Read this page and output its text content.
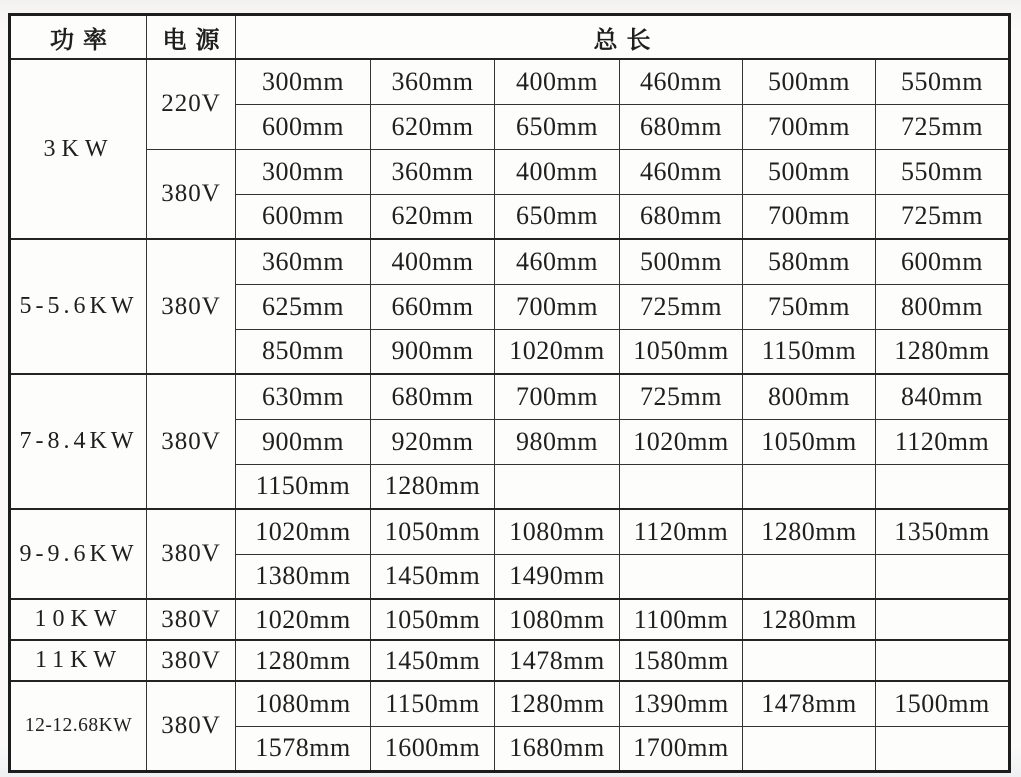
功率	电源	总长					
3KW	220V	300mm	360mm	400mm	460mm	500mm	550mm
		600mm	620mm	650mm	680mm	700mm	725mm
	380V	300mm	360mm	400mm	460mm	500mm	550mm
		600mm	620mm	650mm	680mm	700mm	725mm
5-5.6KW	380V	360mm	400mm	460mm	500mm	580mm	600mm
		625mm	660mm	700mm	725mm	750mm	800mm
		850mm	900mm	1020mm	1050mm	1150mm	1280mm
7-8.4KW	380V	630mm	680mm	700mm	725mm	800mm	840mm
		900mm	920mm	980mm	1020mm	1050mm	1120mm
		1150mm	1280mm				
9-9.6KW	380V	1020mm	1050mm	1080mm	1120mm	1280mm	1350mm
		1380mm	1450mm	1490mm			
10KW	380V	1020mm	1050mm	1080mm	1100mm	1280mm	
11KW	380V	1280mm	1450mm	1478mm	1580mm		
12-12.68KW	380V	1080mm	1150mm	1280mm	1390mm	1478mm	1500mm
		1578mm	1600mm	1680mm	1700mm		
